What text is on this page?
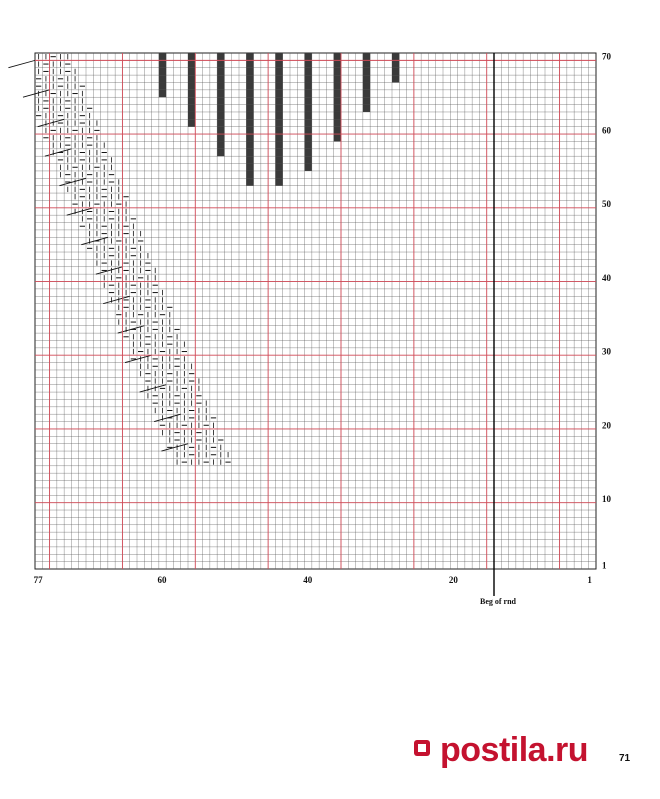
1
10
20
30
40
50
60
70
77	60	40	20	1
Beg of rnd
postila.ru	71
